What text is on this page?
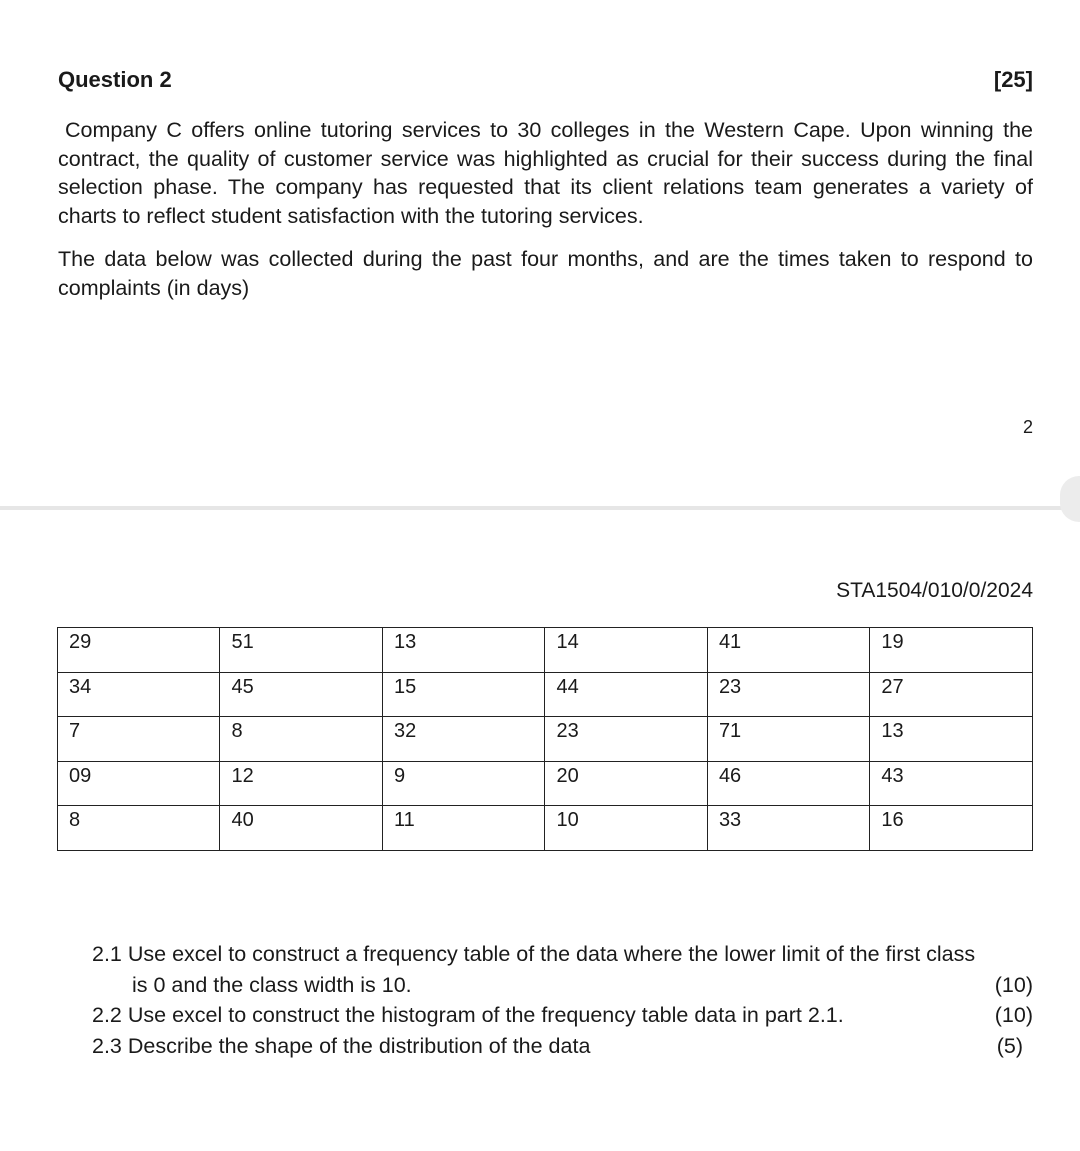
Question 2	[25]
Company C offers online tutoring services to 30 colleges in the Western Cape. Upon winning the contract, the quality of customer service was highlighted as crucial for their success during the final selection phase. The company has requested that its client relations team generates a variety of charts to reflect student satisfaction with the tutoring services.
The data below was collected during the past four months, and are the times taken to respond to complaints (in days)
2
STA1504/010/0/2024
29	51	13	14	41	19
34	45	15	44	23	27
7	8	32	23	71	13
09	12	9	20	46	43
8	40	11	10	33	16
2.1 Use excel to construct a frequency table of the data where the lower limit of the first class
is 0 and the class width is 10.	(10)
2.2 Use excel to construct the histogram of the frequency table data in part 2.1.	(10)
2.3 Describe the shape of the distribution of the data	(5)
